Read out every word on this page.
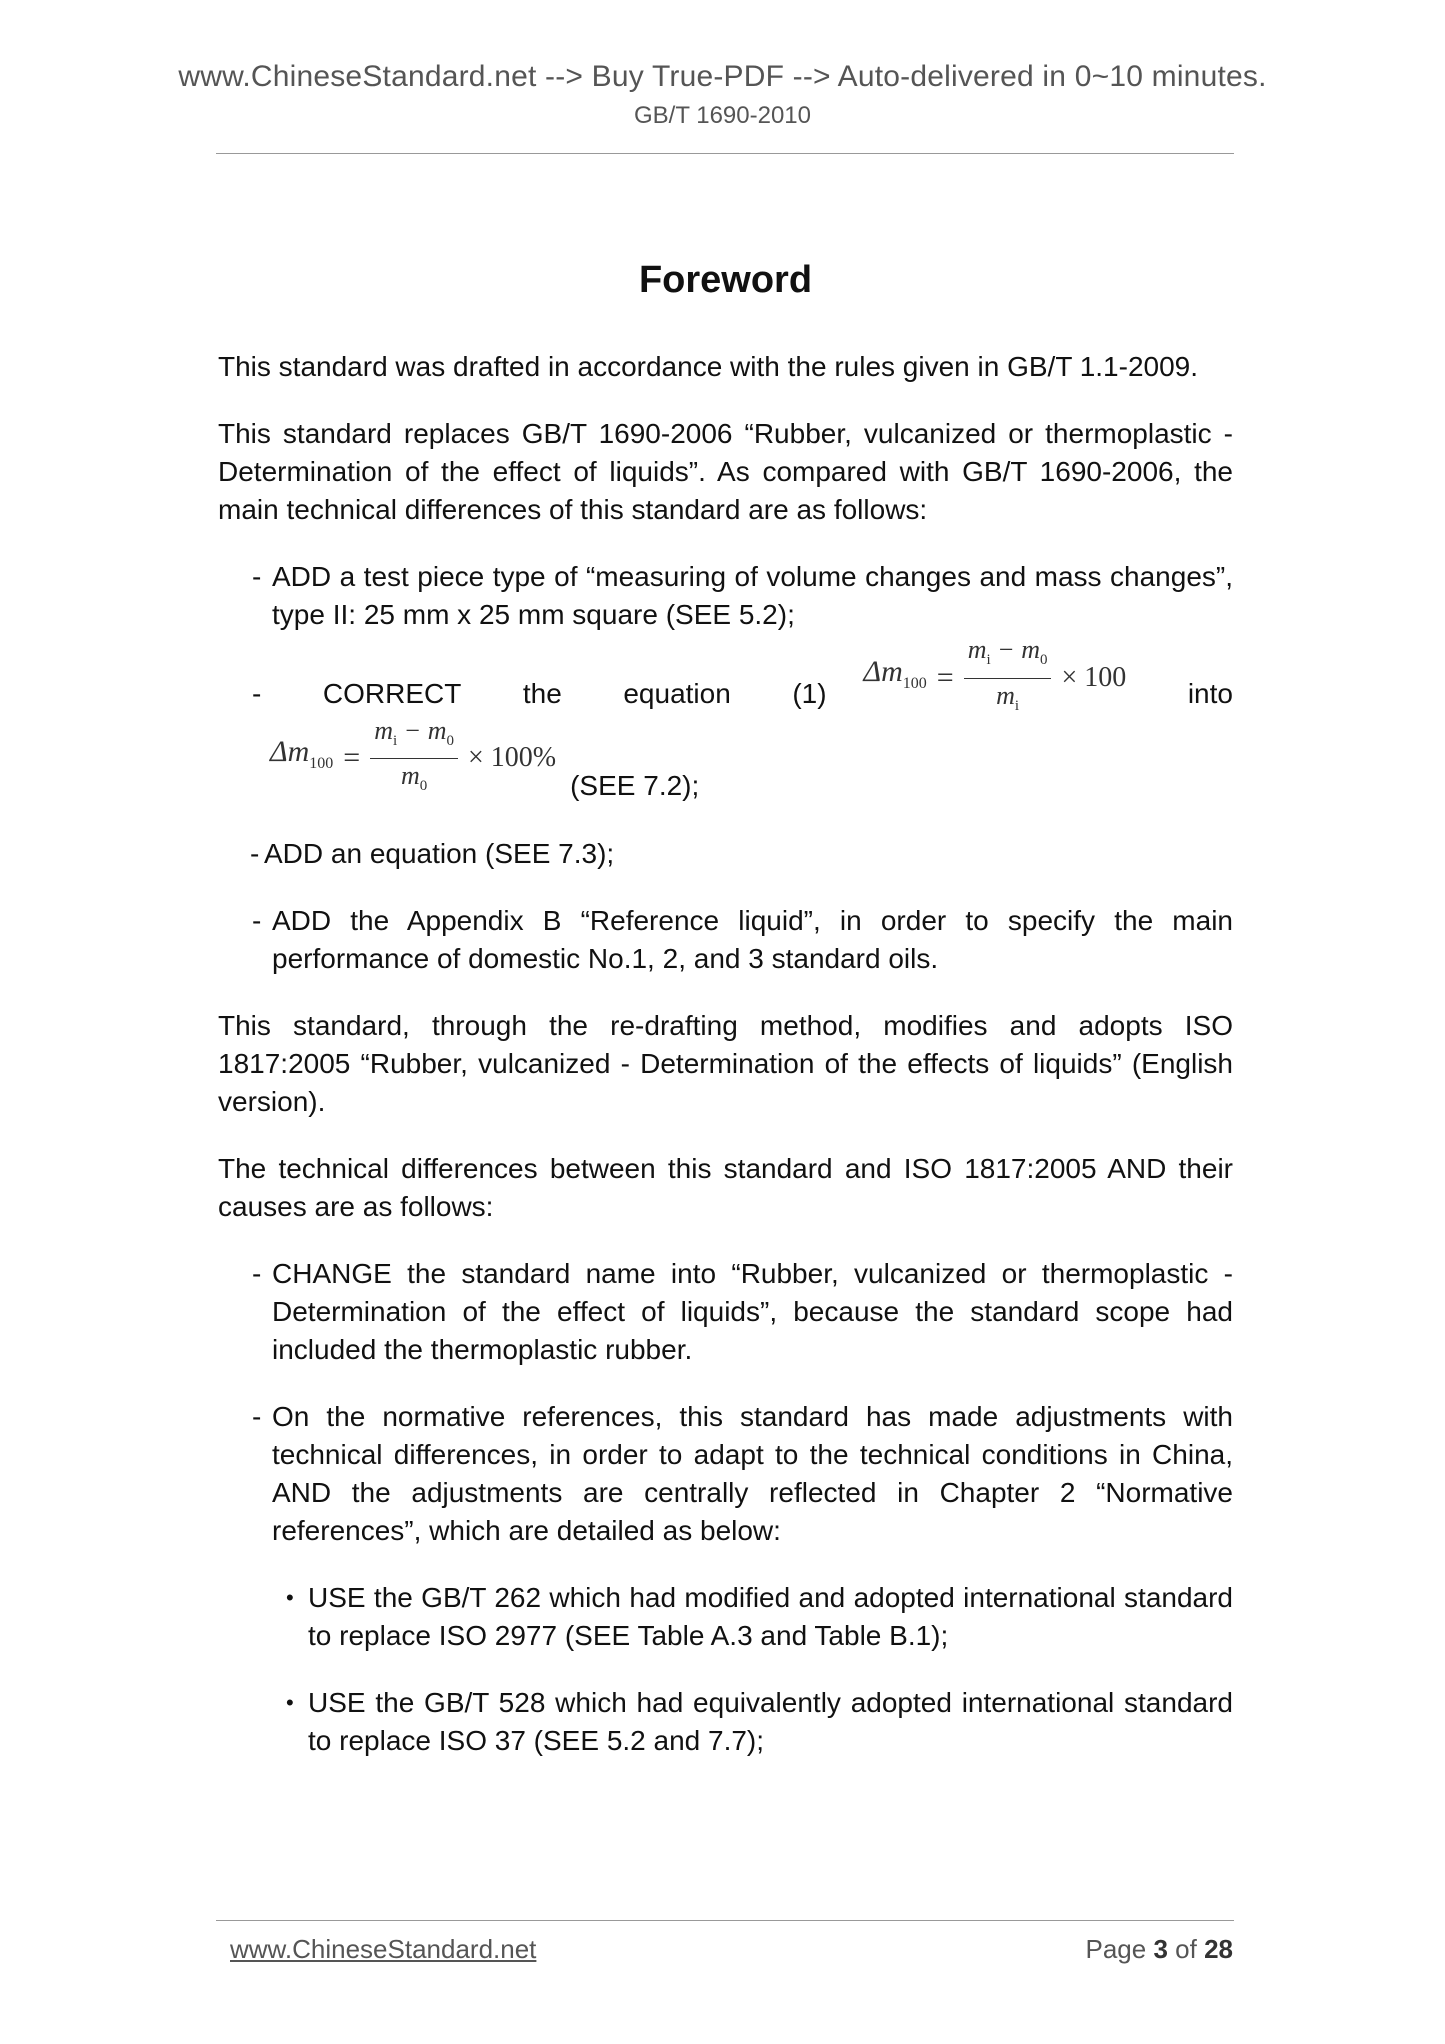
www.ChineseStandard.net --> Buy True-PDF --> Auto-delivered in 0~10 minutes.
GB/T 1690-2010
Foreword

This standard was drafted in accordance with the rules given in GB/T 1.1-2009.

This standard replaces GB/T 1690-2006 “Rubber, vulcanized or thermoplastic - Determination of the effect of liquids”. As compared with GB/T 1690-2006, the main technical differences of this standard are as follows:

- ADD a test piece type of “measuring of volume changes and mass changes”, type II: 25 mm x 25 mm square (SEE 5.2);
- CORRECT the equation (1)
$\Delta m_{100} = \frac{m_i - m_0}{m_i} \times 100$
into
$\Delta m_{100} = \frac{m_i - m_0}{m_0} \times 100\%$
(SEE 7.2);
- ADD an equation (SEE 7.3);
- ADD the Appendix B “Reference liquid”, in order to specify the main performance of domestic No.1, 2, and 3 standard oils.

This standard, through the re-drafting method, modifies and adopts ISO 1817:2005 “Rubber, vulcanized - Determination of the effects of liquids” (English version).

The technical differences between this standard and ISO 1817:2005 AND their causes are as follows:

- CHANGE the standard name into “Rubber, vulcanized or thermoplastic - Determination of the effect of liquids”, because the standard scope had included the thermoplastic rubber.
- On the normative references, this standard has made adjustments with technical differences, in order to adapt to the technical conditions in China, AND the adjustments are centrally reflected in Chapter 2 “Normative references”, which are detailed as below:
• USE the GB/T 262 which had modified and adopted international standard to replace ISO 2977 (SEE Table A.3 and Table B.1);
• USE the GB/T 528 which had equivalently adopted international standard to replace ISO 37 (SEE 5.2 and 7.7);
www.ChineseStandard.net	Page 3 of 28
